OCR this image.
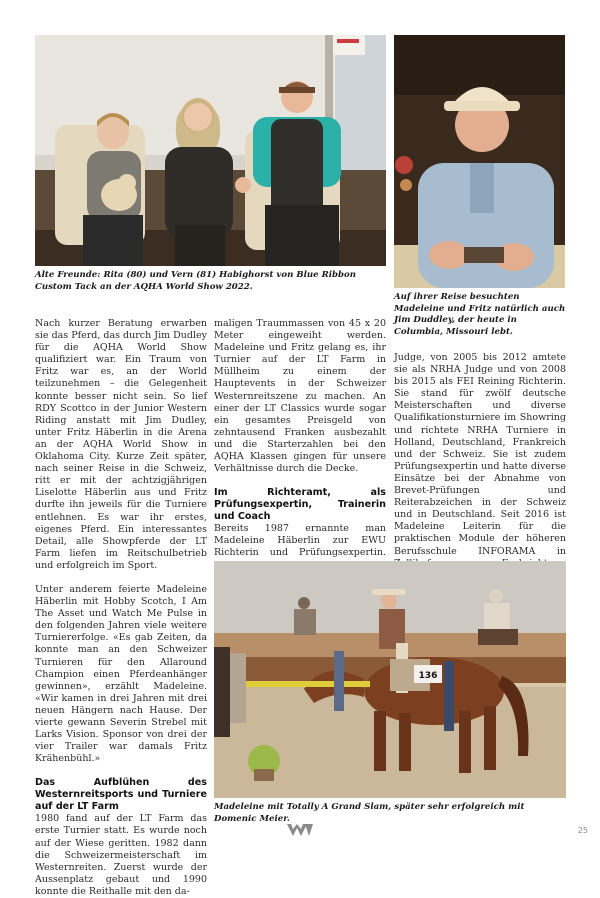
Alte Freunde: Rita (80) und Vern (81) Habighorst von Blue Ribbon Custom Tack an der AQHA World Show 2022.

Auf ihrer Reise besuchten Madeleine und Fritz natürlich auch Jim Duddley, der heute in Columbia, Missouri lebt.

Nach kurzer Beratung erwarben sie das Pferd, das durch Jim Dudley für die AQHA World Show qualifiziert war. Ein Traum von Fritz war es, an der World teilzunehmen – die Gelegenheit konnte besser nicht sein. So lief RDY Scottco in der Junior Western Riding anstatt mit Jim Dudley, unter Fritz Häberlin in die Arena an der AQHA World Show in Oklahoma City. Kurze Zeit später, nach seiner Reise in die Schweiz, ritt er mit der achtzigjährigen Liselotte Häberlin aus und Fritz durfte ihn jeweils für die Turniere entlehnen. Es war ihr erstes, eigenes Pferd. Ein interessantes Detail, alle Showpferde der LT Farm liefen im Reitschulbetrieb und erfolgreich im Sport.

Unter anderem feierte Madeleine Häberlin mit Hobby Scotch, I Am The Asset und Watch Me Pulse in den folgenden Jahren viele weitere Turniererfolge. «Es gab Zeiten, da konnte man an den Schweizer Turnieren für den Allaround Champion einen Pferdeanhänger gewinnen», erzählt Madeleine. «Wir kamen in drei Jahren mit drei neuen Hängern nach Hause. Der vierte gewann Severin Strebel mit Larks Vision. Sponsor von drei der vier Trailer war damals Fritz Krähenbühl.»

Das Aufblühen des Westernreitsports und Turniere auf der LT Farm

1980 fand auf der LT Farm das erste Turnier statt. Es wurde noch auf der Wiese geritten. 1982 dann die Schweizermeisterschaft im Westernreiten. Zuerst wurde der Aussenplatz gebaut und 1990 konnte die Reithalle mit den da-

maligen Traummassen von 45 x 20 Meter eingeweiht werden. Madeleine und Fritz gelang es, ihr Turnier auf der LT Farm in Müllheim zu einem der Hauptevents in der Schweizer Westernreitszene zu machen. An einer der LT Classics wurde sogar ein gesamtes Preisgeld von zehntausend Franken ausbezahlt und die Starterzahlen bei den AQHA Klassen gingen für unsere Verhältnisse durch die Decke.

Im Richteramt, als Prüfungsexpertin, Trainerin und Coach

Bereits 1987 ernannte man Madeleine Häberlin zur EWU Richterin und Prüfungsexpertin.

Judge, von 2005 bis 2012 amtete sie als NRHA Judge und von 2008 bis 2015 als FEI Reining Richterin. Sie stand für zwölf deutsche Meisterschaften und diverse Qualifikationsturniere im Showring und richtete NRHA Turniere in Holland, Deutschland, Frankreich und der Schweiz. Sie ist zudem Prüfungsexpertin und hatte diverse Einsätze bei der Abnahme von Brevet-Prüfungen und Reiterabzeichen in der Schweiz und in Deutschland. Seit 2016 ist Madeleine Leiterin für die praktischen Module der höheren Berufsschule INFORAMA in

136

Madeleine mit Totally A Grand Slam, später sehr erfolgreich mit Domenic Meier.

25
